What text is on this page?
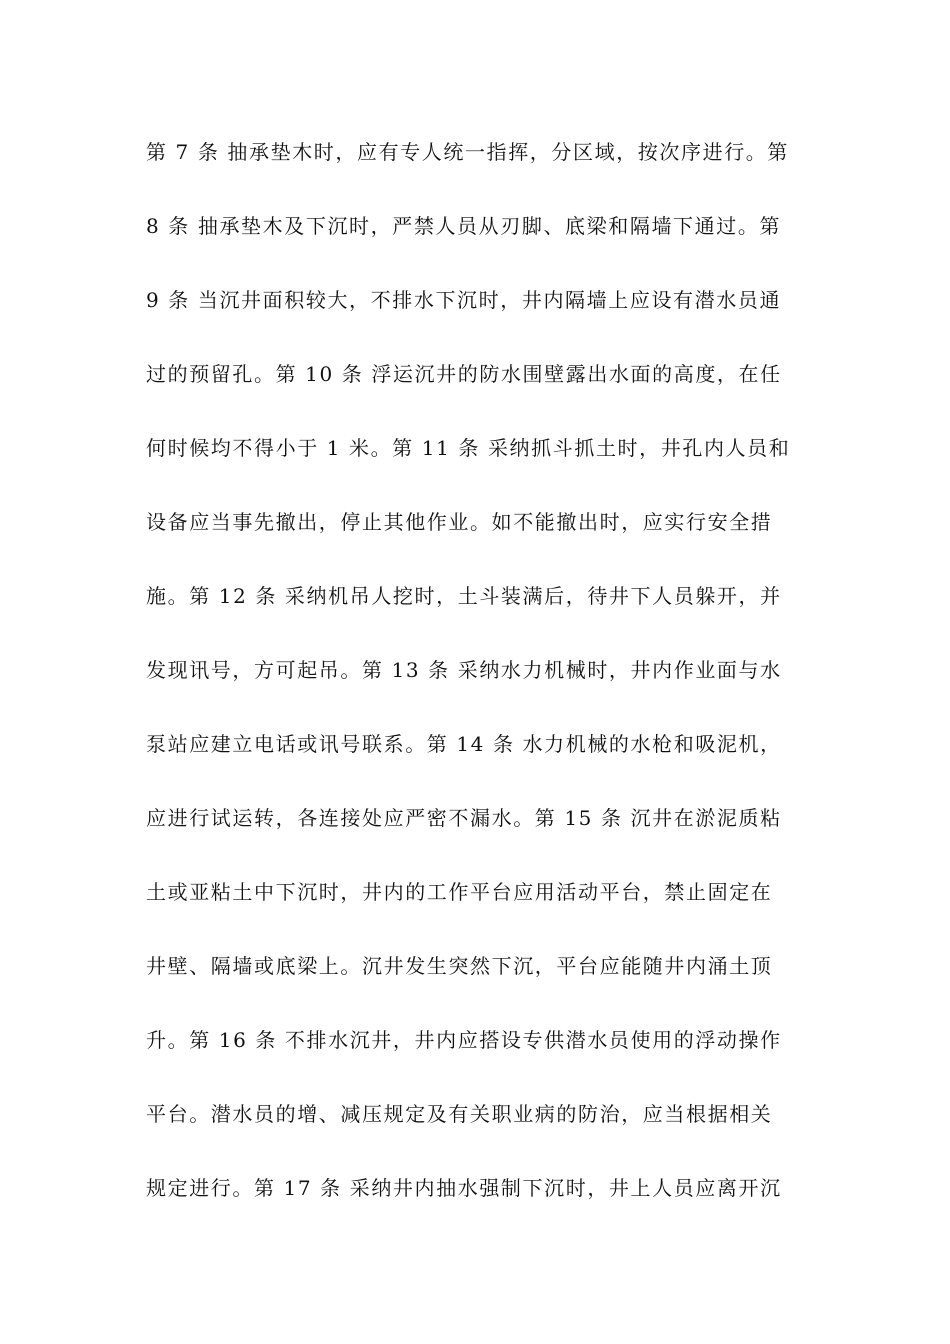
第 7 条 抽承垫木时，应有专人统一指挥，分区域，按次序进行。第
8 条 抽承垫木及下沉时，严禁人员从刃脚、底梁和隔墙下通过。第
9 条 当沉井面积较大，不排水下沉时，井内隔墙上应设有潜水员通
过的预留孔。第 10 条 浮运沉井的防水围壁露出水面的高度，在任
何时候均不得小于 1 米。第 11 条 采纳抓斗抓土时，井孔内人员和
设备应当事先撤出，停止其他作业。如不能撤出时，应实行安全措
施。第 12 条 采纳机吊人挖时，土斗装满后，待井下人员躲开，并
发现讯号，方可起吊。第 13 条 采纳水力机械时，井内作业面与水
泵站应建立电话或讯号联系。第 14 条 水力机械的水枪和吸泥机，
应进行试运转，各连接处应严密不漏水。第 15 条 沉井在淤泥质粘
土或亚粘土中下沉时，井内的工作平台应用活动平台，禁止固定在
井壁、隔墙或底梁上。沉井发生突然下沉，平台应能随井内涌土顶
升。第 16 条 不排水沉井，井内应搭设专供潜水员使用的浮动操作
平台。潜水员的增、减压规定及有关职业病的防治，应当根据相关
规定进行。第 17 条 采纳井内抽水强制下沉时，井上人员应离开沉
